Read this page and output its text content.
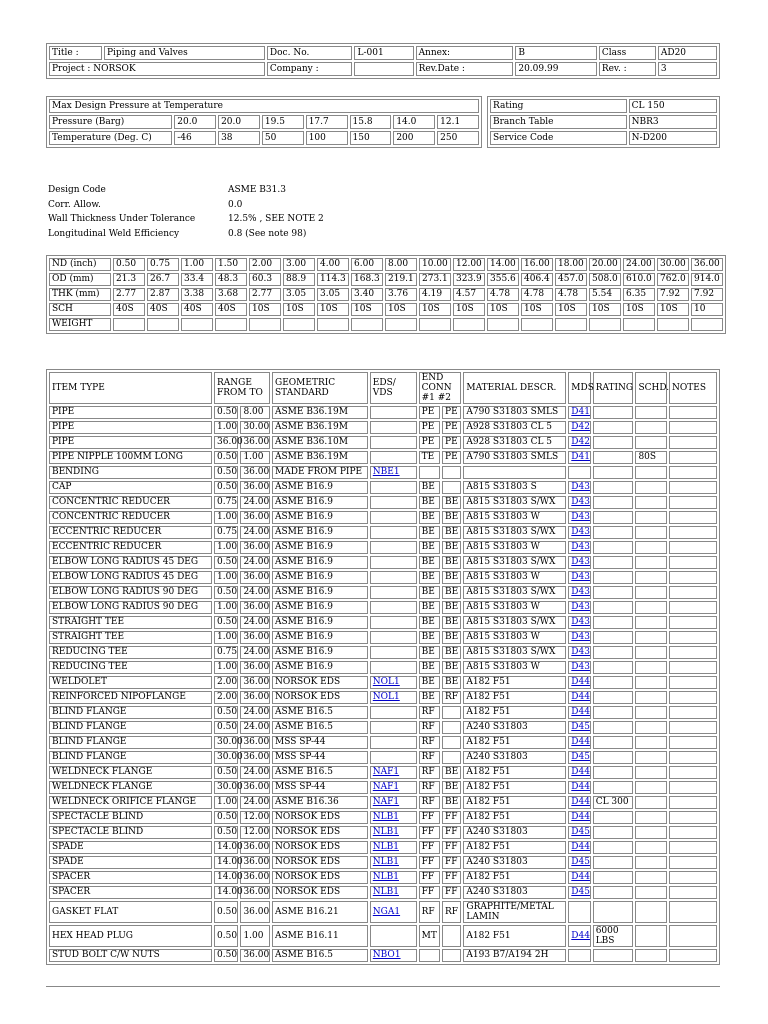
Title :	Piping and Valves	Doc. No.	L-001	Annex:	B	Class	AD20
Project : NORSOK		Company :		Rev.Date :	20.09.99	Rev. :	3
Max Design Pressure at Temperature							
Pressure (Barg)	20.0	20.0	19.5	17.7	15.8	14.0	12.1
Temperature (Deg. C)	-46	38	50	100	150	200	250
Rating	CL 150
Branch Table	NBR3
Service Code	N-D200
Design Code	ASME B31.3
Corr. Allow.	0.0
Wall Thickness Under Tolerance	12.5% , SEE NOTE 2
Longitudinal Weld Efficiency	0.8 (See note 98)
ND (inch)	0.50	0.75	1.00	1.50	2.00	3.00	4.00	6.00	8.00	10.00	12.00	14.00	16.00	18.00	20.00	24.00	30.00	36.00
OD (mm)	21.3	26.7	33.4	48.3	60.3	88.9	114.3	168.3	219.1	273.1	323.9	355.6	406.4	457.0	508.0	610.0	762.0	914.0
THK (mm)	2.77	2.87	3.38	3.68	2.77	3.05	3.05	3.40	3.76	4.19	4.57	4.78	4.78	4.78	5.54	6.35	7.92	7.92
SCH	40S	40S	40S	40S	10S	10S	10S	10S	10S	10S	10S	10S	10S	10S	10S	10S	10S	10
WEIGHT																		
ITEM TYPE	RANGE FROM TO		GEOMETRIC STANDARD	EDS/ VDS	END CONN #1 #2		MATERIAL DESCR.	MDS	RATING	SCHD.	NOTES
PIPE	0.50	8.00	ASME B36.19M		PE	PE	A790 S31803 SMLS	D41			
PIPE	1.00	30.00	ASME B36.19M		PE	PE	A928 S31803 CL 5	D42			
PIPE	36.00	36.00	ASME B36.10M		PE	PE	A928 S31803 CL 5	D42			
PIPE NIPPLE 100MM LONG	0.50	1.00	ASME B36.19M		TE	PE	A790 S31803 SMLS	D41		80S	
BENDING	0.50	36.00	MADE FROM PIPE	NBE1							
CAP	0.50	36.00	ASME B16.9		BE		A815 S31803 S	D43			
CONCENTRIC REDUCER	0.75	24.00	ASME B16.9		BE	BE	A815 S31803 S/WX	D43			
CONCENTRIC REDUCER	1.00	36.00	ASME B16.9		BE	BE	A815 S31803 W	D43			
ECCENTRIC REDUCER	0.75	24.00	ASME B16.9		BE	BE	A815 S31803 S/WX	D43			
ECCENTRIC REDUCER	1.00	36.00	ASME B16.9		BE	BE	A815 S31803 W	D43			
ELBOW LONG RADIUS 45 DEG	0.50	24.00	ASME B16.9		BE	BE	A815 S31803 S/WX	D43			
ELBOW LONG RADIUS 45 DEG	1.00	36.00	ASME B16.9		BE	BE	A815 S31803 W	D43			
ELBOW LONG RADIUS 90 DEG	0.50	24.00	ASME B16.9		BE	BE	A815 S31803 S/WX	D43			
ELBOW LONG RADIUS 90 DEG	1.00	36.00	ASME B16.9		BE	BE	A815 S31803 W	D43			
STRAIGHT TEE	0.50	24.00	ASME B16.9		BE	BE	A815 S31803 S/WX	D43			
STRAIGHT TEE	1.00	36.00	ASME B16.9		BE	BE	A815 S31803 W	D43			
REDUCING TEE	0.75	24.00	ASME B16.9		BE	BE	A815 S31803 S/WX	D43			
REDUCING TEE	1.00	36.00	ASME B16.9		BE	BE	A815 S31803 W	D43			
WELDOLET	2.00	36.00	NORSOK EDS	NOL1	BE	BE	A182 F51	D44			
REINFORCED NIPOFLANGE	2.00	36.00	NORSOK EDS	NOL1	BE	RF	A182 F51	D44			
BLIND FLANGE	0.50	24.00	ASME B16.5		RF		A182 F51	D44			
BLIND FLANGE	0.50	24.00	ASME B16.5		RF		A240 S31803	D45			
BLIND FLANGE	30.00	36.00	MSS SP-44		RF		A182 F51	D44			
BLIND FLANGE	30.00	36.00	MSS SP-44		RF		A240 S31803	D45			
WELDNECK FLANGE	0.50	24.00	ASME B16.5	NAF1	RF	BE	A182 F51	D44			
WELDNECK FLANGE	30.00	36.00	MSS SP-44	NAF1	RF	BE	A182 F51	D44			
WELDNECK ORIFICE FLANGE	1.00	24.00	ASME B16.36	NAF1	RF	BE	A182 F51	D44	CL 300		
SPECTACLE BLIND	0.50	12.00	NORSOK EDS	NLB1	FF	FF	A182 F51	D44			
SPECTACLE BLIND	0.50	12.00	NORSOK EDS	NLB1	FF	FF	A240 S31803	D45			
SPADE	14.00	36.00	NORSOK EDS	NLB1	FF	FF	A182 F51	D44			
SPADE	14.00	36.00	NORSOK EDS	NLB1	FF	FF	A240 S31803	D45			
SPACER	14.00	36.00	NORSOK EDS	NLB1	FF	FF	A182 F51	D44			
SPACER	14.00	36.00	NORSOK EDS	NLB1	FF	FF	A240 S31803	D45			
GASKET FLAT	0.50	36.00	ASME B16.21	NGA1	RF	RF	GRAPHITE/METAL LAMIN				
HEX HEAD PLUG	0.50	1.00	ASME B16.11		MT		A182 F51	D44	6000 LBS		
STUD BOLT C/W NUTS	0.50	36.00	ASME B16.5	NBO1			A193 B7/A194 2H				
